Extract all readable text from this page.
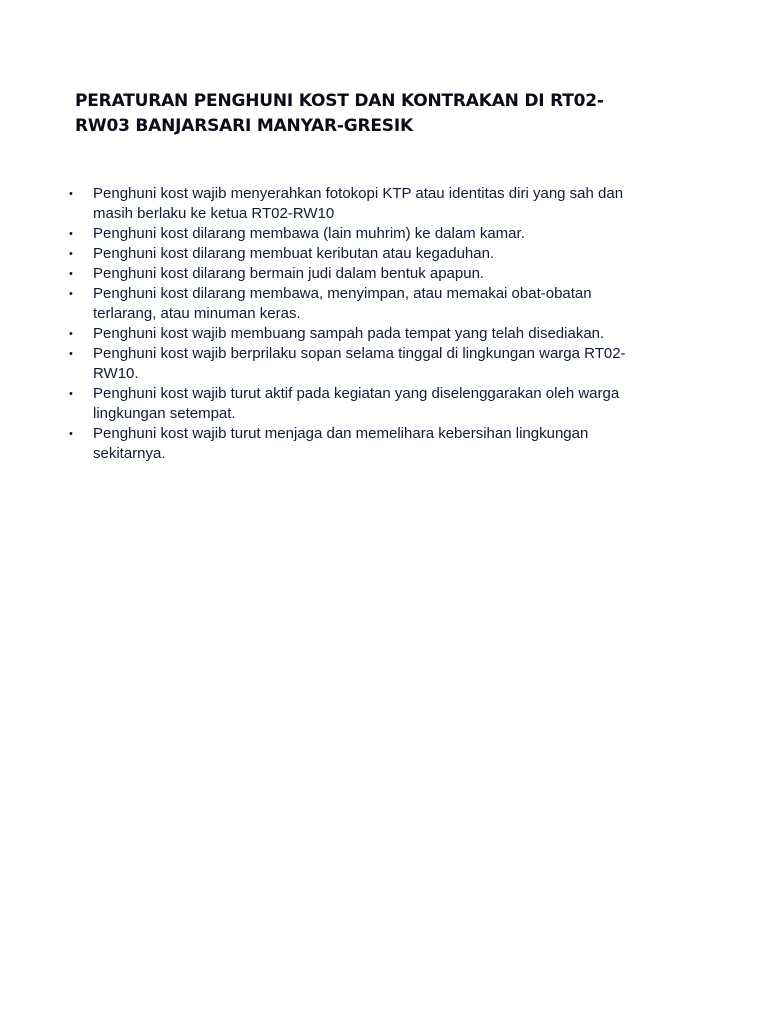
PERATURAN PENGHUNI KOST DAN KONTRAKAN DI RT02-RW03 BANJARSARI MANYAR-GRESIK
•	Penghuni kost wajib menyerahkan fotokopi KTP atau identitas diri yang sah dan masih berlaku ke ketua RT02-RW10
•	Penghuni kost dilarang membawa (lain muhrim) ke dalam kamar.
•	Penghuni kost dilarang membuat keributan atau kegaduhan.
•	Penghuni kost dilarang bermain judi dalam bentuk apapun.
•	Penghuni kost dilarang membawa, menyimpan, atau memakai obat-obatan terlarang, atau minuman keras.
•	Penghuni kost wajib membuang sampah pada tempat yang telah disediakan.
•	Penghuni kost wajib berprilaku sopan selama tinggal di lingkungan warga RT02-RW10.
•	Penghuni kost wajib turut aktif pada kegiatan yang diselenggarakan oleh warga lingkungan setempat.
•	Penghuni kost wajib turut menjaga dan memelihara kebersihan lingkungan sekitarnya.
